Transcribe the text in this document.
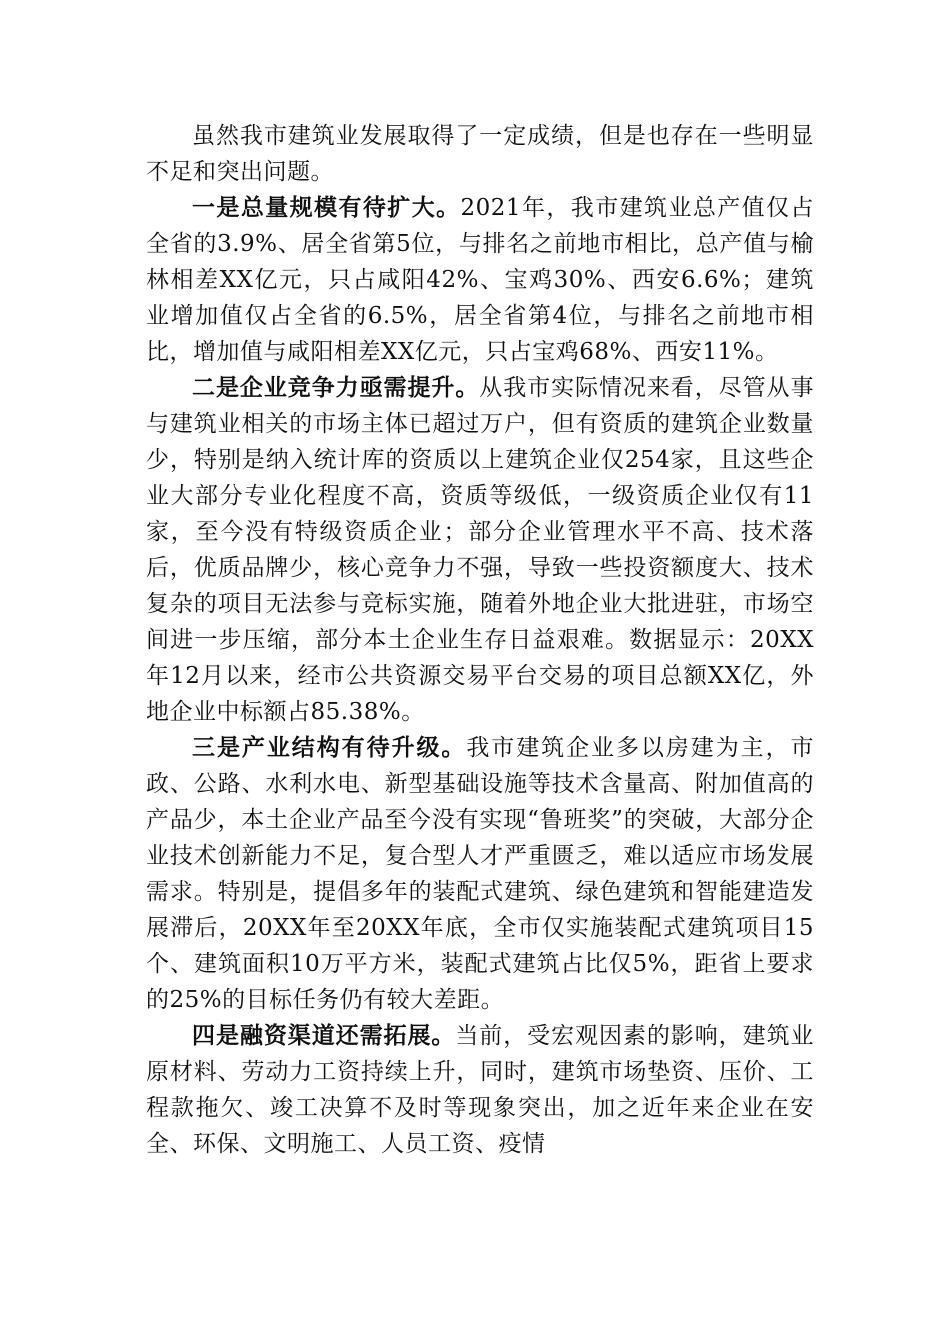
虽然我市建筑业发展取得了一定成绩，但是也存在一些明显不足和突出问题。

一是总量规模有待扩大。2021年，我市建筑业总产值仅占全省的3.9%、居全省第5位，与排名之前地市相比，总产值与榆林相差XX亿元，只占咸阳42%、宝鸡30%、西安6.6%；建筑业增加值仅占全省的6.5%，居全省第4位，与排名之前地市相比，增加值与咸阳相差XX亿元，只占宝鸡68%、西安11%。

二是企业竞争力亟需提升。从我市实际情况来看，尽管从事与建筑业相关的市场主体已超过万户，但有资质的建筑企业数量少，特别是纳入统计库的资质以上建筑企业仅254家，且这些企业大部分专业化程度不高，资质等级低，一级资质企业仅有11家，至今没有特级资质企业；部分企业管理水平不高、技术落后，优质品牌少，核心竞争力不强，导致一些投资额度大、技术复杂的项目无法参与竞标实施，随着外地企业大批进驻，市场空间进一步压缩，部分本土企业生存日益艰难。数据显示：20XX年12月以来，经市公共资源交易平台交易的项目总额XX亿，外地企业中标额占85.38%。

三是产业结构有待升级。我市建筑企业多以房建为主，市政、公路、水利水电、新型基础设施等技术含量高、附加值高的产品少，本土企业产品至今没有实现“鲁班奖”的突破，大部分企业技术创新能力不足，复合型人才严重匮乏，难以适应市场发展需求。特别是，提倡多年的装配式建筑、绿色建筑和智能建造发展滞后，20XX年至20XX年底，全市仅实施装配式建筑项目15个、建筑面积10万平方米，装配式建筑占比仅5%，距省上要求的25%的目标任务仍有较大差距。

四是融资渠道还需拓展。当前，受宏观因素的影响，建筑业原材料、劳动力工资持续上升，同时，建筑市场垫资、压价、工程款拖欠、竣工决算不及时等现象突出，加之近年来企业在安全、环保、文明施工、人员工资、疫情
